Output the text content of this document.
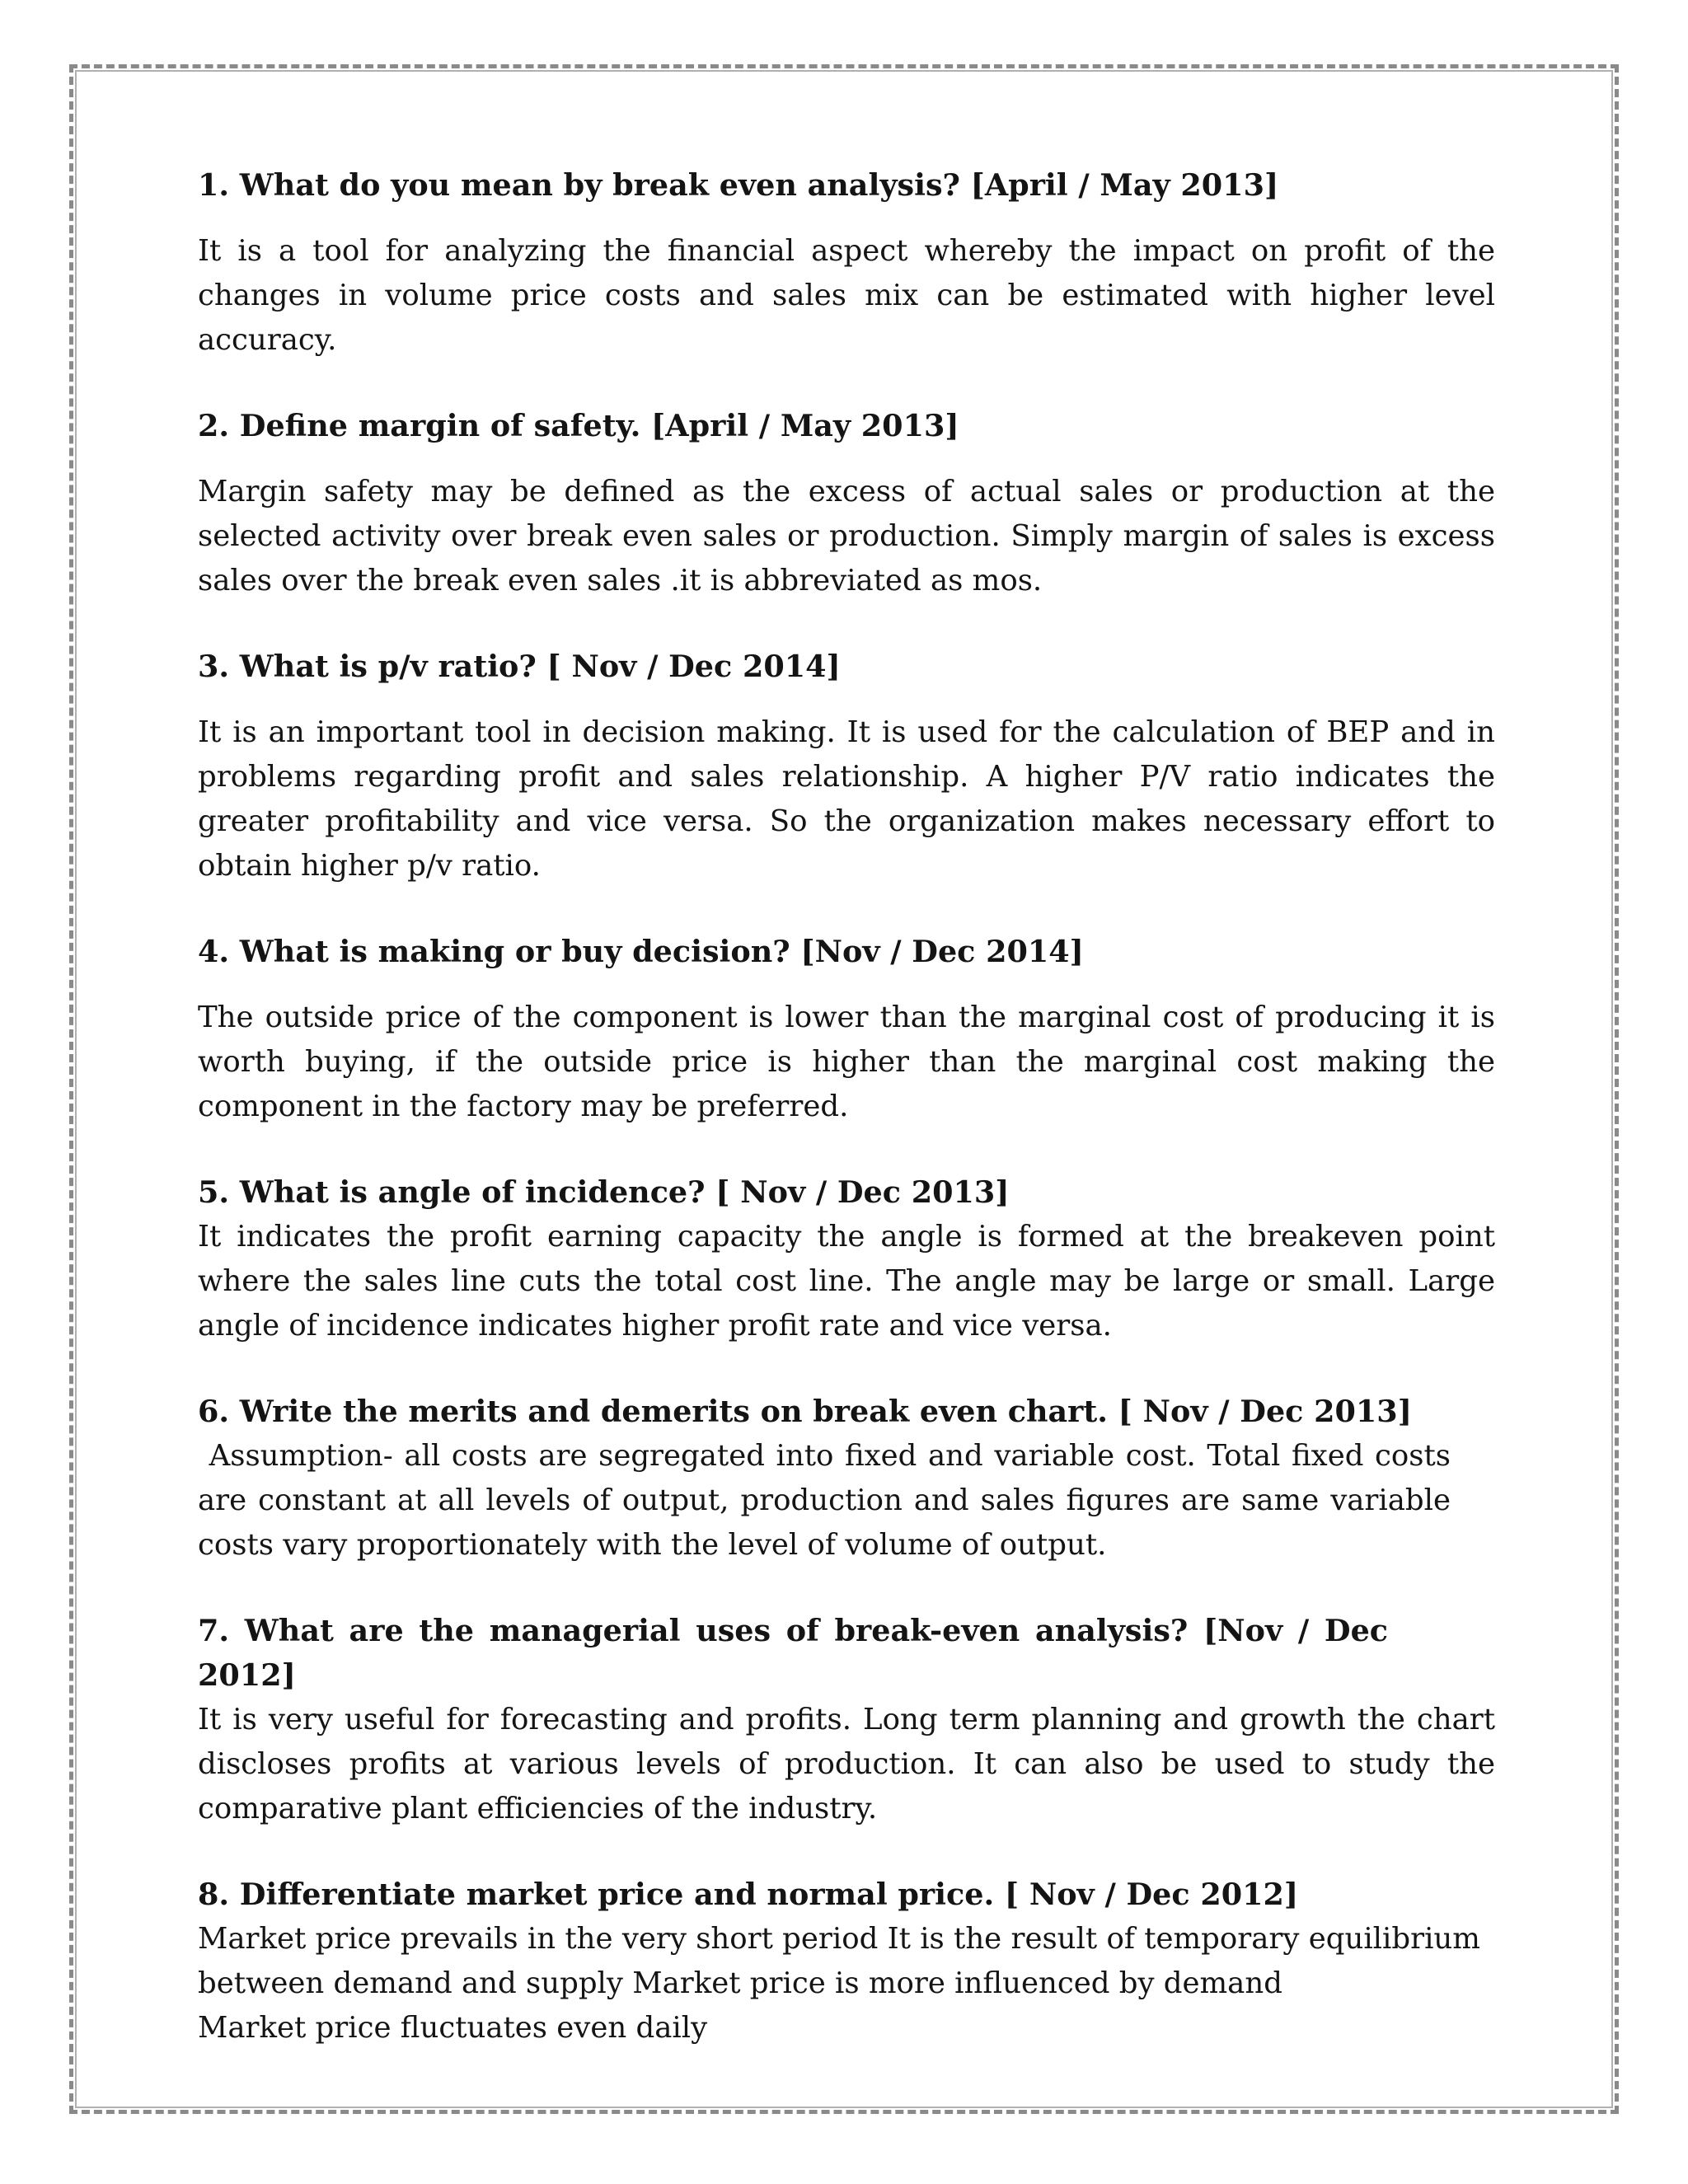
1. What do you mean by break even analysis? [April / May 2013]

It is a tool for analyzing the financial aspect whereby the impact on profit of the changes in volume price costs and sales mix can be estimated with higher level accuracy.

2. Define margin of safety. [April / May 2013]

Margin safety may be defined as the excess of actual sales or production at the selected activity over break even sales or production. Simply margin of sales is excess sales over the break even sales .it is abbreviated as mos.

3. What is p/v ratio? [ Nov / Dec 2014]

It is an important tool in decision making. It is used for the calculation of BEP and in problems regarding profit and sales relationship. A higher P/V ratio indicates the greater profitability and vice versa. So the organization makes necessary effort to obtain higher p/v ratio.

4. What is making or buy decision? [Nov / Dec 2014]

The outside price of the component is lower than the marginal cost of producing it is worth buying, if the outside price is higher than the marginal cost making the component in the factory may be preferred.

5. What is angle of incidence? [ Nov / Dec 2013]

It indicates the profit earning capacity the angle is formed at the breakeven point where the sales line cuts the total cost line. The angle may be large or small. Large angle of incidence indicates higher profit rate and vice versa.

6. Write the merits and demerits on break even chart. [ Nov / Dec 2013]

Assumption- all costs are segregated into fixed and variable cost. Total fixed costs are constant at all levels of output, production and sales figures are same variable costs vary proportionately with the level of volume of output.

7. What are the managerial uses of break-even analysis? [Nov / Dec 2012]

It is very useful for forecasting and profits. Long term planning and growth the chart discloses profits at various levels of production. It can also be used to study the comparative plant efficiencies of the industry.

8. Differentiate market price and normal price. [ Nov / Dec 2012]

Market price prevails in the very short period It is the result of temporary equilibrium
between demand and supply Market price is more influenced by demand
Market price fluctuates even daily
